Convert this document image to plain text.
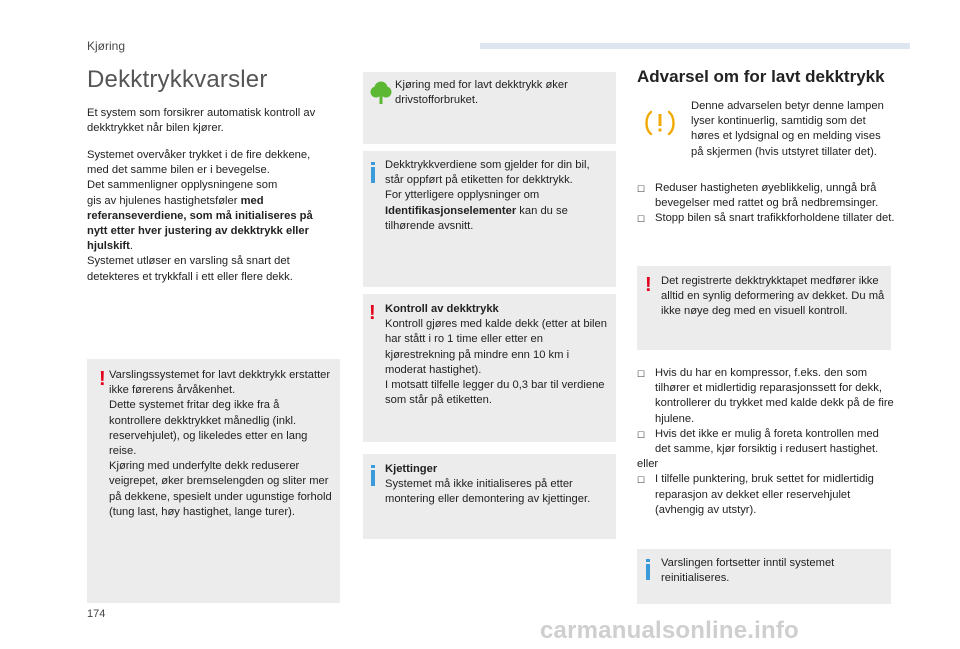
Kjøring
Dekktrykkvarsler

Et system som forsikrer automatisk kontroll av dekktrykket når bilen kjører.

Systemet overvåker trykket i de fire dekkene,
med det samme bilen er i bevegelse.
Det sammenligner opplysningene som
gis av hjulenes hastighetsføler med
referanseverdiene, som må initialiseres på
nytt etter hver justering av dekktrykk eller
hjulskift.
Systemet utløser en varsling så snart det
detekteres et trykkfall i ett eller flere dekk.
! Varslingssystemet for lavt dekktrykk erstatter ikke førerens årvåkenhet.
Dette systemet fritar deg ikke fra å kontrollere dekktrykket månedlig (inkl. reservehjulet), og likeledes etter en lang reise.
Kjøring med underfylte dekk reduserer veigrepet, øker bremselengden og sliter mer på dekkene, spesielt under ugunstige forhold (tung last, høy hastighet, lange turer).

Kjøring med for lavt dekktrykk øker drivstofforbruket.

Dekktrykkverdiene som gjelder for din bil, står oppført på etiketten for dekktrykk.
For ytterligere opplysninger om Identifikasjonselementer kan du se tilhørende avsnitt.

! Kontroll av dekktrykk
Kontroll gjøres med kalde dekk (etter at bilen har stått i ro 1 time eller etter en kjørestrekning på mindre enn 10 km i moderat hastighet).
I motsatt tilfelle legger du 0,3 bar til verdiene som står på etiketten.
Kjettinger
Systemet må ikke initialiseres på etter montering eller demontering av kjettinger.
Advarsel om for lavt dekktrykk

Denne advarselen betyr denne lampen lyser kontinuerlig, samtidig som det høres et lydsignal og en melding vises på skjermen (hvis utstyret tillater det).

☐ Reduser hastigheten øyeblikkelig, unngå brå bevegelser med rattet og brå nedbremsinger.
☐ Stopp bilen så snart trafikkforholdene tillater det.
! Det registrerte dekktrykktapet medfører ikke alltid en synlig deformering av dekket. Du må ikke nøye deg med en visuell kontroll.

☐ Hvis du har en kompressor, f.eks. den som tilhører et midlertidig reparasjonssett for dekk, kontrollerer du trykket med kalde dekk på de fire hjulene.
☐ Hvis det ikke er mulig å foreta kontrollen med det samme, kjør forsiktig i redusert hastighet.
eller
☐ I tilfelle punktering, bruk settet for midlertidig reparasjon av dekket eller reservehjulet (avhengig av utstyr).

Varslingen fortsetter inntil systemet reinitialiseres.

174
carmanualsonline.info
